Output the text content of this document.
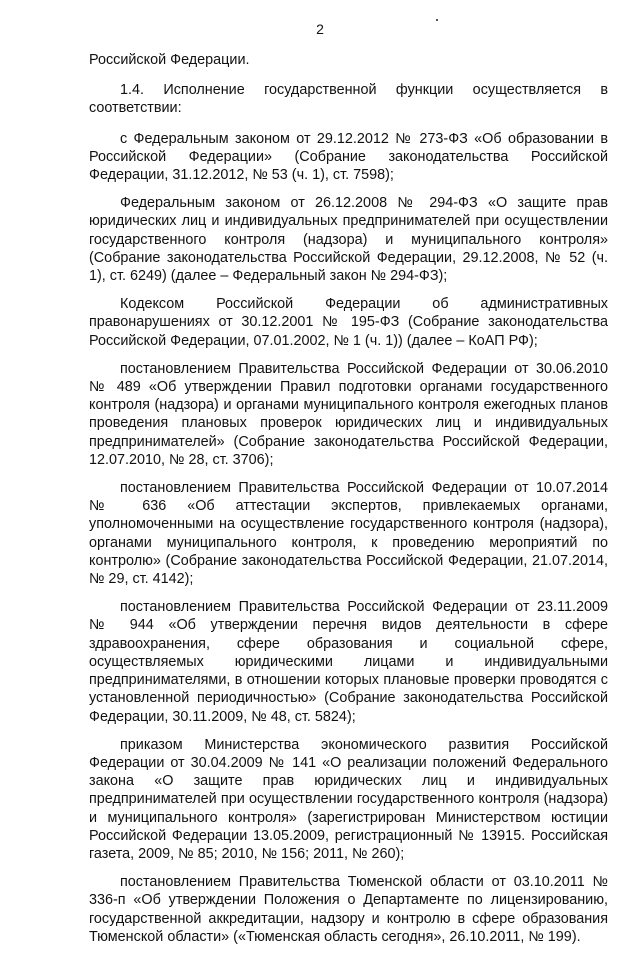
2

Российской Федерации.

1.4. Исполнение государственной функции осуществляется в соответствии:

с Федеральным законом от 29.12.2012 № 273-ФЗ «Об образовании в Российской Федерации» (Собрание законодательства Российской Федерации, 31.12.2012, № 53 (ч. 1), ст. 7598);

Федеральным законом от 26.12.2008 № 294-ФЗ «О защите прав юридических лиц и индивидуальных предпринимателей при осуществлении государственного контроля (надзора) и муниципального контроля» (Собрание законодательства Российской Федерации, 29.12.2008, № 52 (ч. 1), ст. 6249) (далее – Федеральный закон № 294-ФЗ);

Кодексом Российской Федерации об административных правонарушениях от 30.12.2001 № 195-ФЗ (Собрание законодательства Российской Федерации, 07.01.2002, № 1 (ч. 1)) (далее – КоАП РФ);

постановлением Правительства Российской Федерации от 30.06.2010 № 489 «Об утверждении Правил подготовки органами государственного контроля (надзора) и органами муниципального контроля ежегодных планов проведения плановых проверок юридических лиц и индивидуальных предпринимателей» (Собрание законодательства Российской Федерации, 12.07.2010, № 28, ст. 3706);

постановлением Правительства Российской Федерации от 10.07.2014 № 636 «Об аттестации экспертов, привлекаемых органами, уполномоченными на осуществление государственного контроля (надзора), органами муниципального контроля, к проведению мероприятий по контролю» (Собрание законодательства Российской Федерации, 21.07.2014, № 29, ст. 4142);

постановлением Правительства Российской Федерации от 23.11.2009 № 944 «Об утверждении перечня видов деятельности в сфере здравоохранения, сфере образования и социальной сфере, осуществляемых юридическими лицами и индивидуальными предпринимателями, в отношении которых плановые проверки проводятся с установленной периодичностью» (Собрание законодательства Российской Федерации, 30.11.2009, № 48, ст. 5824);

приказом Министерства экономического развития Российской Федерации от 30.04.2009 № 141 «О реализации положений Федерального закона «О защите прав юридических лиц и индивидуальных предпринимателей при осуществлении государственного контроля (надзора) и муниципального контроля» (зарегистрирован Министерством юстиции Российской Федерации 13.05.2009, регистрационный № 13915. Российская газета, 2009, № 85; 2010, № 156; 2011, № 260);

постановлением Правительства Тюменской области от 03.10.2011 № 336-п «Об утверждении Положения о Департаменте по лицензированию, государственной аккредитации, надзору и контролю в сфере образования Тюменской области» («Тюменская область сегодня», 26.10.2011, № 199).
